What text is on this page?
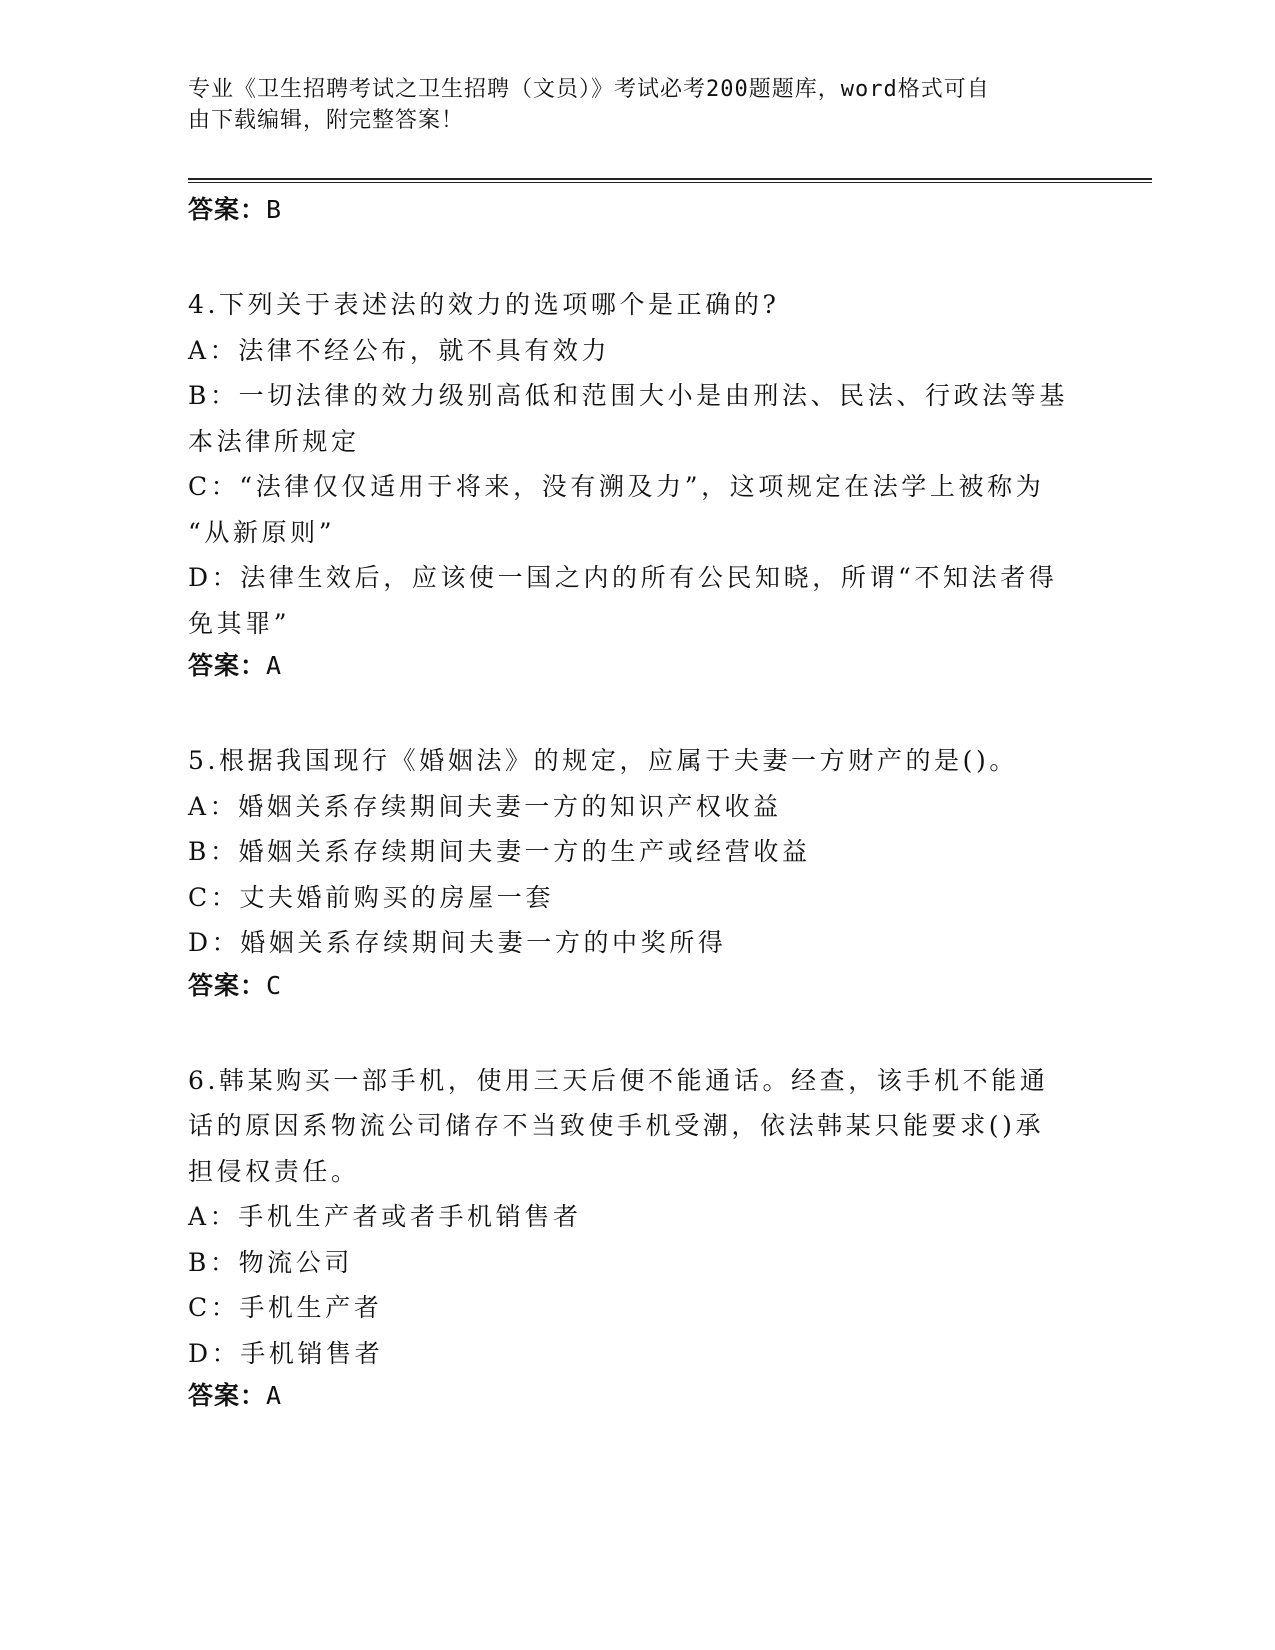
专业《卫生招聘考试之卫生招聘（文员）》考试必考200题题库，word格式可自
由下载编辑，附完整答案！
答案：B
4.下列关于表述法的效力的选项哪个是正确的?
A：法律不经公布，就不具有效力
B：一切法律的效力级别高低和范围大小是由刑法、民法、行政法等基
本法律所规定
C：“法律仅仅适用于将来，没有溯及力”，这项规定在法学上被称为
“从新原则”
D：法律生效后，应该使一国之内的所有公民知晓，所谓“不知法者得
免其罪”
答案：A
5.根据我国现行《婚姻法》的规定，应属于夫妻一方财产的是()。
A：婚姻关系存续期间夫妻一方的知识产权收益
B：婚姻关系存续期间夫妻一方的生产或经营收益
C：丈夫婚前购买的房屋一套
D：婚姻关系存续期间夫妻一方的中奖所得
答案：C
6.韩某购买一部手机，使用三天后便不能通话。经查，该手机不能通
话的原因系物流公司储存不当致使手机受潮，依法韩某只能要求()承
担侵权责任。
A：手机生产者或者手机销售者
B：物流公司
C：手机生产者
D：手机销售者
答案：A
